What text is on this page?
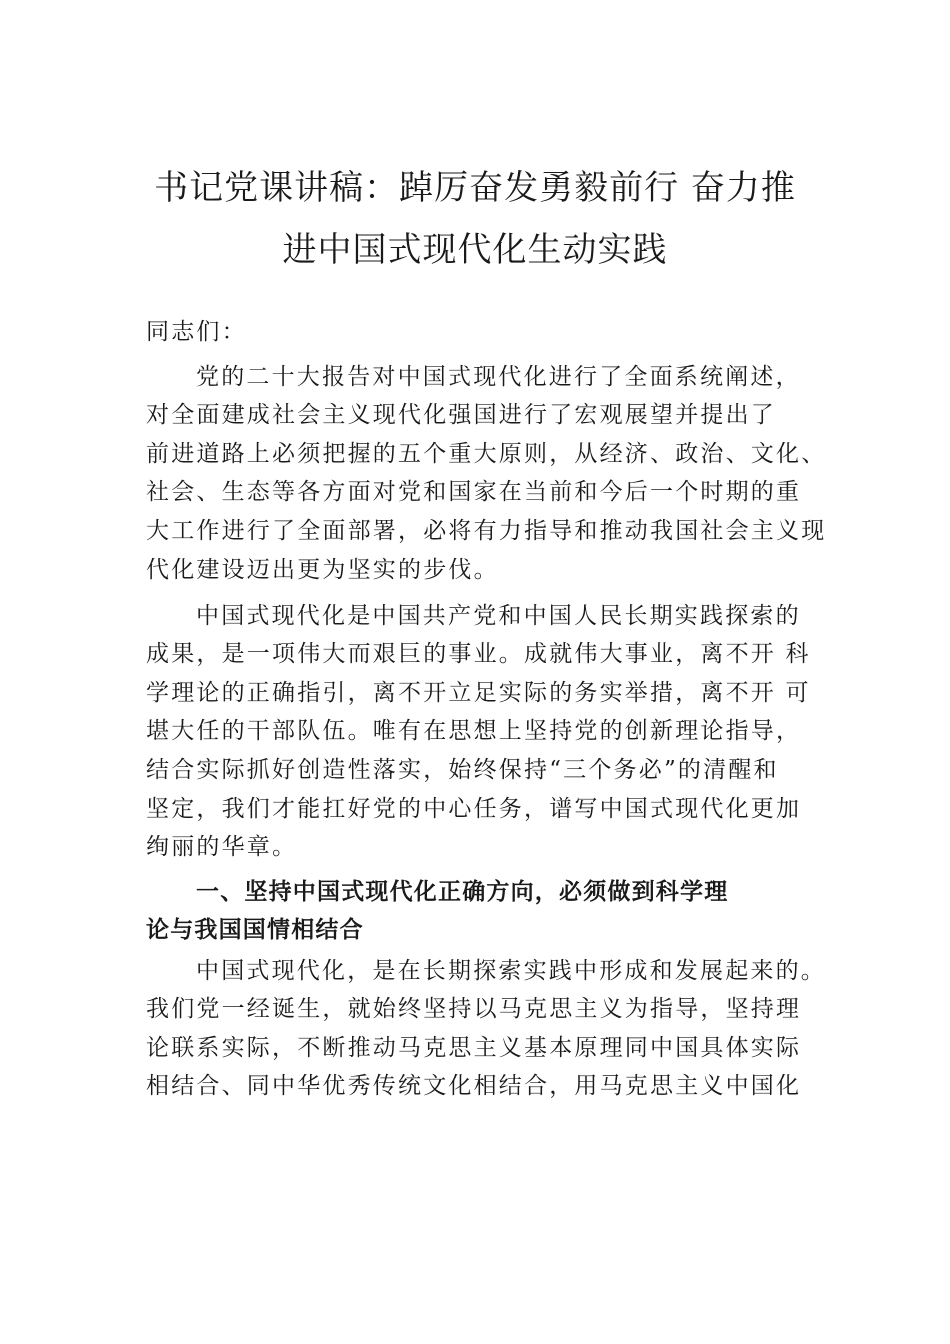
书记党课讲稿：踔厉奋发勇毅前行 奋力推
进中国式现代化生动实践
同志们：
党的二十大报告对中国式现代化进行了全面系统阐述，
对全面建成社会主义现代化强国进行了宏观展望并提出了
前进道路上必须把握的五个重大原则，从经济、政治、文化、
社会、生态等各方面对党和国家在当前和今后一个时期的重
大工作进行了全面部署，必将有力指导和推动我国社会主义现
代化建设迈出更为坚实的步伐。
中国式现代化是中国共产党和中国人民长期实践探索的
成果，是一项伟大而艰巨的事业。成就伟大事业，离不开 科
学理论的正确指引，离不开立足实际的务实举措，离不开 可
堪大任的干部队伍。唯有在思想上坚持党的创新理论指导，
结合实际抓好创造性落实，始终保持“三个务必”的清醒和
坚定，我们才能扛好党的中心任务，谱写中国式现代化更加
绚丽的华章。
一、坚持中国式现代化正确方向，必须做到科学理
论与我国国情相结合
中国式现代化，是在长期探索实践中形成和发展起来的。
我们党一经诞生，就始终坚持以马克思主义为指导，坚持理
论联系实际，不断推动马克思主义基本原理同中国具体实际
相结合、同中华优秀传统文化相结合，用马克思主义中国化
